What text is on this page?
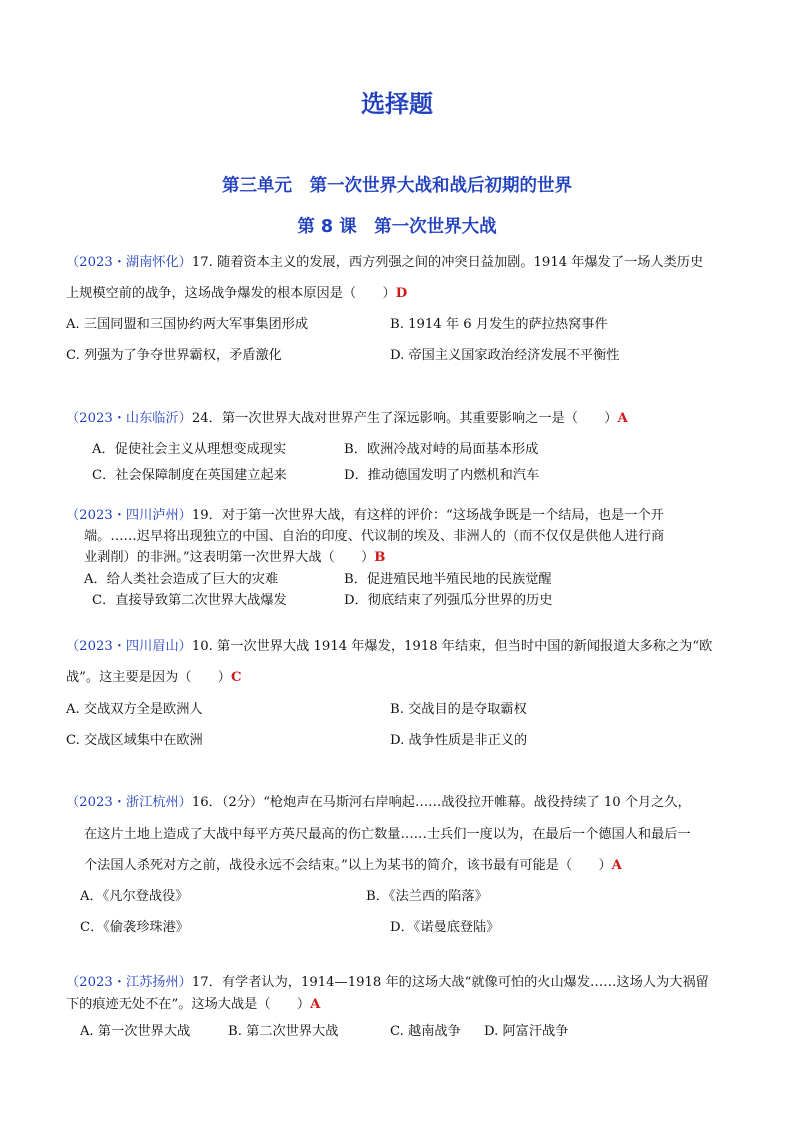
选择题
第三单元　第一次世界大战和战后初期的世界
第 8 课　第一次世界大战
（2023・湖南怀化）17. 随着资本主义的发展，西方列强之间的冲突日益加剧。1914 年爆发了一场人类历史
上规模空前的战争，这场战争爆发的根本原因是（　　）D
A. 三国同盟和三国协约两大军事集团形成	B. 1914 年 6 月发生的萨拉热窝事件
C. 列强为了争夺世界霸权，矛盾激化	D. 帝国主义国家政治经济发展不平衡性
（2023・山东临沂）24．第一次世界大战对世界产生了深远影响。其重要影响之一是（　　）A
A．促使社会主义从理想变成现实	B．欧洲冷战对峙的局面基本形成
C．社会保障制度在英国建立起来	D．推动德国发明了内燃机和汽车
（2023・四川泸州）19．对于第一次世界大战，有这样的评价：“这场战争既是一个结局，也是一个开
端。……迟早将出现独立的中国、自治的印度、代议制的埃及、非洲人的（而不仅仅是供他人进行商
业剥削）的非洲。”这表明第一次世界大战（　　）B
A．给人类社会造成了巨大的灾难	B．促进殖民地半殖民地的民族觉醒
C．直接导致第二次世界大战爆发	D．彻底结束了列强瓜分世界的历史
（2023・四川眉山）10. 第一次世界大战 1914 年爆发，1918 年结束，但当时中国的新闻报道大多称之为“欧
战”。这主要是因为（　　）C
A. 交战双方全是欧洲人	B. 交战目的是夺取霸权
C. 交战区域集中在欧洲	D. 战争性质是非正义的
（2023・浙江杭州）16．（2分）“枪炮声在马斯河右岸响起……战役拉开帷幕。战役持续了 10 个月之久，
在这片土地上造成了大战中每平方英尺最高的伤亡数量……士兵们一度以为，在最后一个德国人和最后一
个法国人杀死对方之前，战役永远不会结束。”以上为某书的简介，该书最有可能是（　　）A
A．《凡尔登战役》	B．《法兰西的陷落》
C．《偷袭珍珠港》	D．《诺曼底登陆》
（2023・江苏扬州）17．有学者认为，1914—1918 年的这场大战“就像可怕的火山爆发……这场人为大祸留
下的痕迹无处不在”。这场大战是（　　）A
A. 第一次世界大战	B. 第二次世界大战	C. 越南战争 D. 阿富汗战争
